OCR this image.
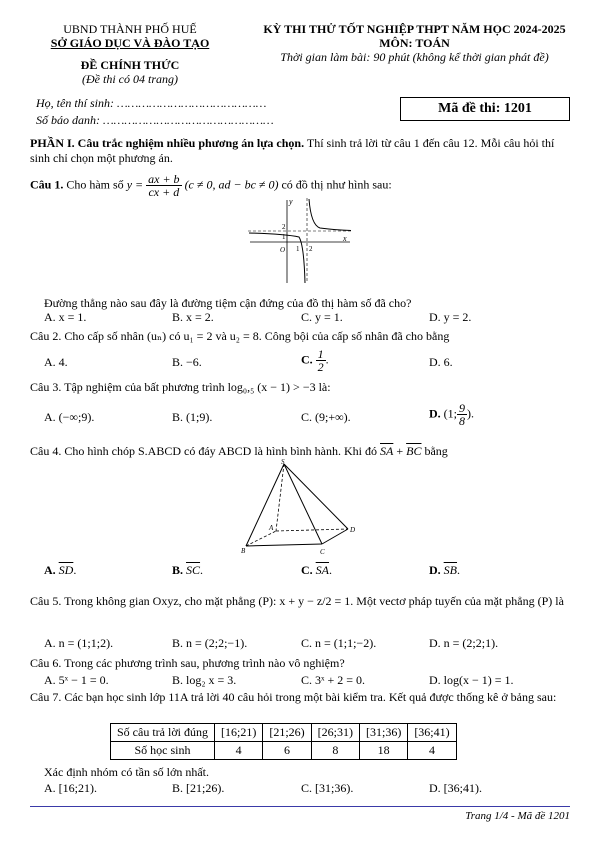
UBND THÀNH PHỐ HUẾ
SỞ GIÁO DỤC VÀ ĐÀO TẠO
ĐỀ CHÍNH THỨC
(Đề thi có 04 trang)
KỲ THI THỬ TỐT NGHIỆP THPT NĂM HỌC 2024-2025
MÔN: TOÁN
Thời gian làm bài: 90 phút (không kể thời gian phát đề)
Họ, tên thí sinh: ……………………………………
Số báo danh: …………………………………………
Mã đề thi: 1201
PHẦN I. Câu trắc nghiệm nhiều phương án lựa chọn. Thí sinh trả lời từ câu 1 đến câu 12. Mỗi câu hỏi thí sinh chỉ chọn một phương án.
Câu 1. Cho hàm số $y = \frac{ax + b}{cx + d} (c \ne 0$, ad − bc ≠ 0) có đồ thị như hình sau:
y
x
O 1 2
2
1
Đường thẳng nào sau đây là đường tiệm cận đứng của đồ thị hàm số đã cho?
A. x = 1.	B. x = 2.	C. y = 1.	D. y = 2.
Câu 2. Cho cấp số nhân (uₙ) có u₁ = 2 và u₂ = 8. Công bội của cấp số nhân đã cho bằng
A. 4.	B. −6.	C. $\frac{1}{2}$ .	D. 6.
Câu 3. Tập nghiệm của bất phương trình log₀,₅ (x − 1) > −3 là:
A. (−∞;9).	B. (1;9).	C. (9;+∞).	D. (1; $\frac{9}{8}$ ).
Câu 4. Cho hình chóp S.ABCD có đáy ABCD là hình bình hành. Khi đó $\overline{SA} + \overline{BC}$ bằng
S
A
B	C
D
A. $\overline{SD}$.	B. $\overline{SC}$.	C. $\overline{SA}$.	D. $\overline{SB}$.
Câu 5. Trong không gian Oxyz, cho mặt phẳng (P): x + y − z/2 = 1. Một vectơ pháp tuyến của mặt phẳng (P) là
A. n = (1;1;2).	B. n = (2;2;−1).	C. n = (1;1;−2).	D. n = (2;2;1).
Câu 6. Trong các phương trình sau, phương trình nào vô nghiệm?
A. 5ˣ − 1 = 0.	B. log₂ x = 3.	C. 3ˣ + 2 = 0.	D. log(x − 1) = 1.
Câu 7. Các bạn học sinh lớp 11A trả lời 40 câu hỏi trong một bài kiểm tra. Kết quả được thống kê ở bảng sau:
Số câu trả lời đúng	[16;21)	[21;26)	[26;31)	[31;36)	[36;41)
Số học sinh	4	6	8	18	4
Xác định nhóm có tần số lớn nhất.
A. [16;21).	B. [21;26).	C. [31;36).	D. [36;41).
Trang 1/4 - Mã đề 1201
